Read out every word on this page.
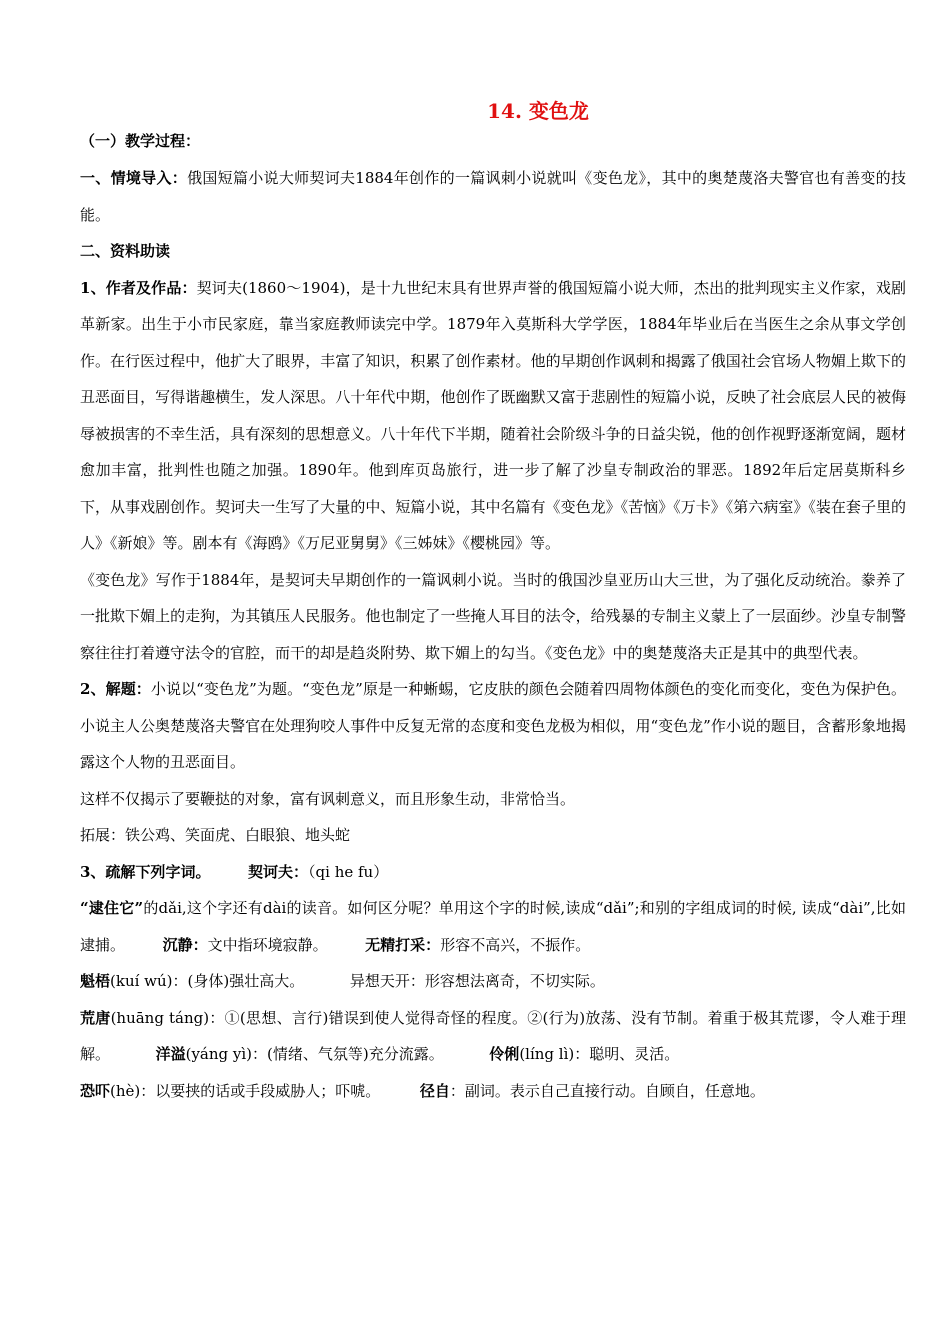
14. 变色龙

（一）教学过程：

一、情境导入：俄国短篇小说大师契诃夫1884年创作的一篇讽刺小说就叫《变色龙》，其中的奥楚蔑洛夫警官也有善变的技能。

二、资料助读

1、作者及作品：契诃夫(1860～1904)，是十九世纪末具有世界声誉的俄国短篇小说大师，杰出的批判现实主义作家，戏剧革新家。出生于小市民家庭，靠当家庭教师读完中学。1879年入莫斯科大学学医，1884年毕业后在当医生之余从事文学创作。在行医过程中，他扩大了眼界，丰富了知识，积累了创作素材。他的早期创作讽刺和揭露了俄国社会官场人物媚上欺下的丑恶面目，写得谐趣横生，发人深思。八十年代中期，他创作了既幽默又富于悲剧性的短篇小说，反映了社会底层人民的被侮辱被损害的不幸生活，具有深刻的思想意义。八十年代下半期，随着社会阶级斗争的日益尖锐，他的创作视野逐渐宽阔，题材愈加丰富，批判性也随之加强。1890年。他到库页岛旅行，进一步了解了沙皇专制政治的罪恶。1892年后定居莫斯科乡下，从事戏剧创作。契诃夫一生写了大量的中、短篇小说，其中名篇有《变色龙》《苦恼》《万卡》《第六病室》《装在套子里的人》《新娘》等。剧本有《海鸥》《万尼亚舅舅》《三姊妹》《樱桃园》等。

《变色龙》写作于1884年，是契诃夫早期创作的一篇讽刺小说。当时的俄国沙皇亚历山大三世，为了强化反动统治。豢养了一批欺下媚上的走狗，为其镇压人民服务。他也制定了一些掩人耳目的法令，给残暴的专制主义蒙上了一层面纱。沙皇专制警察往往打着遵守法令的官腔，而干的却是趋炎附势、欺下媚上的勾当。《变色龙》中的奥楚蔑洛夫正是其中的典型代表。

2、解题：小说以“变色龙”为题。“变色龙”原是一种蜥蜴，它皮肤的颜色会随着四周物体颜色的变化而变化，变色为保护色。小说主人公奥楚蔑洛夫警官在处理狗咬人事件中反复无常的态度和变色龙极为相似，用“变色龙”作小说的题目，含蓄形象地揭露这个人物的丑恶面目。

这样不仅揭示了要鞭挞的对象，富有讽刺意义，而且形象生动，非常恰当。

拓展：铁公鸡、笑面虎、白眼狼、地头蛇

3、疏解下列字词。	契诃夫：（qi he fu）

“逮住它”的dǎi,这个字还有dài的读音。如何区分呢？单用这个字的时候,读成“dǎi”;和别的字组成词的时候, 读成“dài”,比如逮捕。	沉静：文中指环境寂静。	无精打采：形容不高兴，不振作。

魁梧(kuí wú)：(身体)强壮高大。	异想天开：形容想法离奇，不切实际。

荒唐(huāng táng)：①(思想、言行)错误到使人觉得奇怪的程度。②(行为)放荡、没有节制。着重于极其荒谬，令人难于理解。	洋溢(yáng yì)：(情绪、气氛等)充分流露。	伶俐(líng lì)：聪明、灵活。

恐吓(hè)：以要挟的话或手段威胁人；吓唬。	径自：副词。表示自己直接行动。自顾自，任意地。
